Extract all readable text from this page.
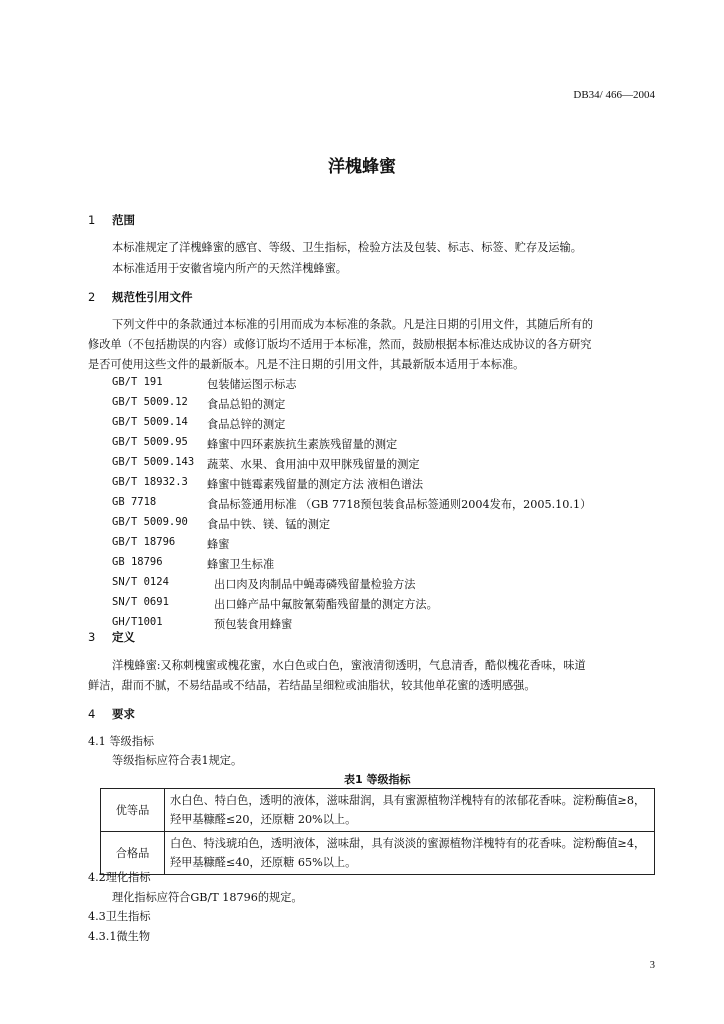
DB34/ 466—2004
洋槐蜂蜜
1 范围
本标准规定了洋槐蜂蜜的感官、等级、卫生指标，检验方法及包装、标志、标签、贮存及运输。
本标准适用于安徽省境内所产的天然洋槐蜂蜜。
2 规范性引用文件
下列文件中的条款通过本标准的引用而成为本标准的条款。凡是注日期的引用文件，其随后所有的
修改单（不包括勘误的内容）或修订版均不适用于本标准，然而，鼓励根据本标准达成协议的各方研究
是否可使用这些文件的最新版本。凡是不注日期的引用文件，其最新版本适用于本标准。
GB/T 191	包装储运图示标志
GB/T 5009.12 食品总铅的测定
GB/T 5009.14 食品总锌的测定
GB/T 5009.95 蜂蜜中四环素族抗生素族残留量的测定
GB/T 5009.143 蔬菜、水果、食用油中双甲脒残留量的测定
GB/T 18932.3 蜂蜜中链霉素残留量的测定方法 液相色谱法
GB 7718	食品标签通用标准 （GB 7718预包装食品标签通则2004发布，2005.10.1）
GB/T 5009.90 食品中铁、镁、锰的测定
GB/T 18796	蜂蜜
GB 18796	蜂蜜卫生标准
SN/T 0124	出口肉及肉制品中蝇毒磷残留量检验方法
SN/T 0691	出口蜂产品中氟胺氰菊酯残留量的测定方法。
GH/T1001	预包装食用蜂蜜
3 定义
洋槐蜂蜜:又称刺槐蜜或槐花蜜，水白色或白色，蜜液清彻透明，气息清香，酷似槐花香味，味道
鲜洁，甜而不腻，不易结晶或不结晶，若结晶呈细粒或油脂状，较其他单花蜜的透明感强。
4 要求
4.1 等级指标
等级指标应符合表1规定。
表1 等级指标
优等品	水白色、特白色，透明的液体，滋味甜润，具有蜜源植物洋槐特有的浓郁花香味。淀粉酶值≥8，羟甲基糠醛≤20，还原糖 20%以上。
合格品	白色、特浅琥珀色，透明液体，滋味甜，具有淡淡的蜜源植物洋槐特有的花香味。淀粉酶值≥4，羟甲基糠醛≤40，还原糖 65%以上。
4.2理化指标
理化指标应符合GB/T 18796的规定。
4.3卫生指标
4.3.1微生物
3
